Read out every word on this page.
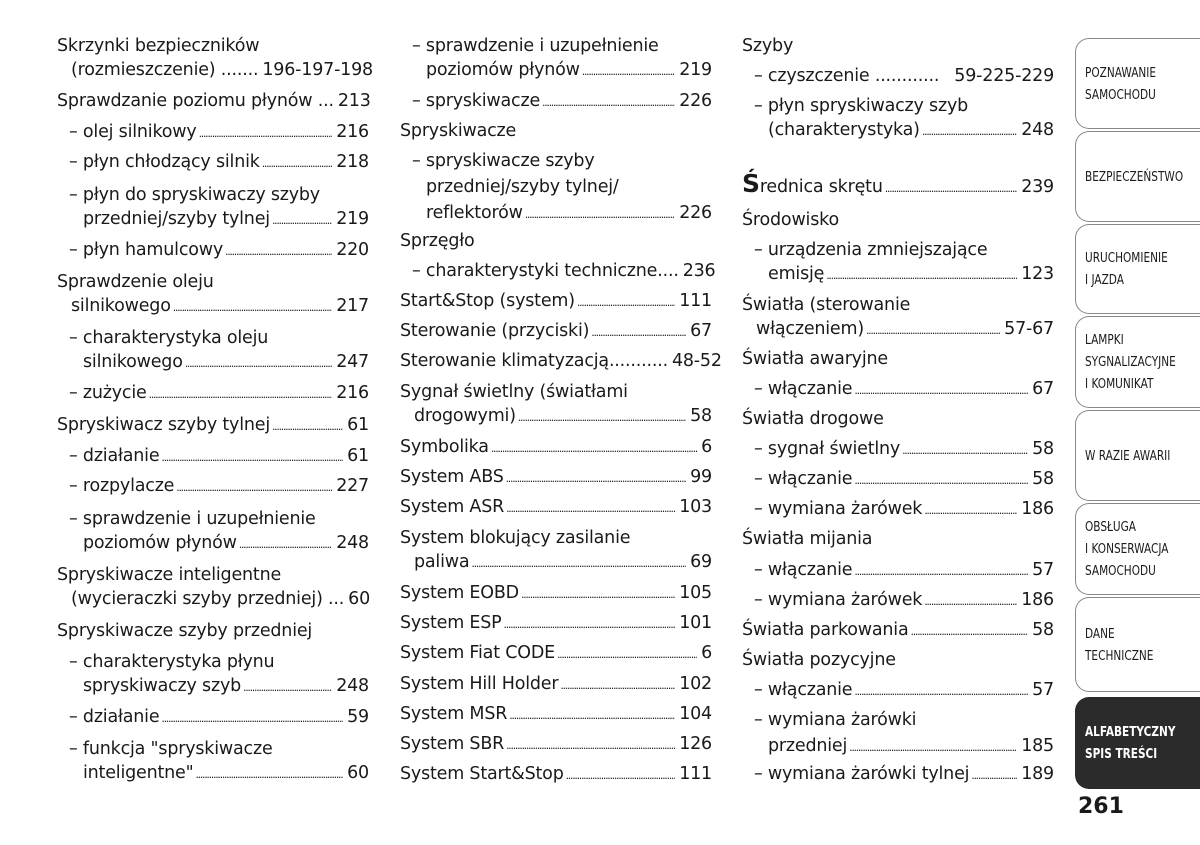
Skrzynki bezpieczników
(rozmieszczenie) ....... 196-197-198
Sprawdzanie poziomu płynów ... 213
– olej silnikowy . . .	216
– płyn chłodzący silnik . . .	218
– płyn do spryskiwaczy szyby
przedniej/szyby tylnej . . .	219
– płyn hamulcowy . . .	220
Sprawdzenie oleju
silnikowego . . .	217
– charakterystyka oleju
silnikowego . . .	247
– zużycie . . .	216
Spryskiwacz szyby tylnej . . .	61
– działanie . . .	61
– rozpylacze . . .	227
– sprawdzenie i uzupełnienie
poziomów płynów . . .	248
Spryskiwacze inteligentne
(wycieraczki szyby przedniej) ... 60
Spryskiwacze szyby przedniej
– charakterystyka płynu
spryskiwaczy szyb . . .	248
– działanie . . .	59
– funkcja "spryskiwacze
inteligentne" . . .	60
– sprawdzenie i uzupełnienie
poziomów płynów . . .	219
– spryskiwacze . . .	226
Spryskiwacze
– spryskiwacze szyby
przedniej/szyby tylnej/
reflektorów . . .	226
Sprzęgło
– charakterystyki techniczne.... 236
Start&Stop (system) . . .	111
Sterowanie (przyciski) . . .	67
Sterowanie klimatyzacją........... 48-52
Sygnał świetlny (światłami
drogowymi) . . .	58
Symbolika . . .	6
System ABS . . .	99
System ASR . . .	103
System blokujący zasilanie
paliwa . . .	69
System EOBD . . .	105
System ESP . . .	101
System Fiat CODE . . .	6
System Hill Holder . . .	102
System MSR . . .	104
System SBR . . .	126
System Start&Stop . . .	111
Szyby
– czyszczenie ............ 59-225-229
– płyn spryskiwaczy szyb
(charakterystyka) . . .	248
Średnica skrętu . . .	239
Środowisko
– urządzenia zmniejszające
emisję . . .	123
Światła (sterowanie
włączeniem) . . .	57-67
Światła awaryjne
– włączanie . . .	67
Światła drogowe
– sygnał świetlny . . .	58
– włączanie . . .	58
– wymiana żarówek . . .	186
Światła mijania
– włączanie . . .	57
– wymiana żarówek . . .	186
Światła parkowania . . .	58
Światła pozycyjne
– włączanie . . .	57
– wymiana żarówki
przedniej . . .	185
– wymiana żarówki tylnej . . .	189
POZNAWANIE
SAMOCHODU
BEZPIECZEŃSTWO
URUCHOMIENIE
I JAZDA
LAMPKI
SYGNALIZACYJNE
I KOMUNIKAT
W RAZIE AWARII
OBSŁUGA
I KONSERWACJA
SAMOCHODU
DANE TECHNICZNE
ALFABETYCZNY
SPIS TREŚCI
261
